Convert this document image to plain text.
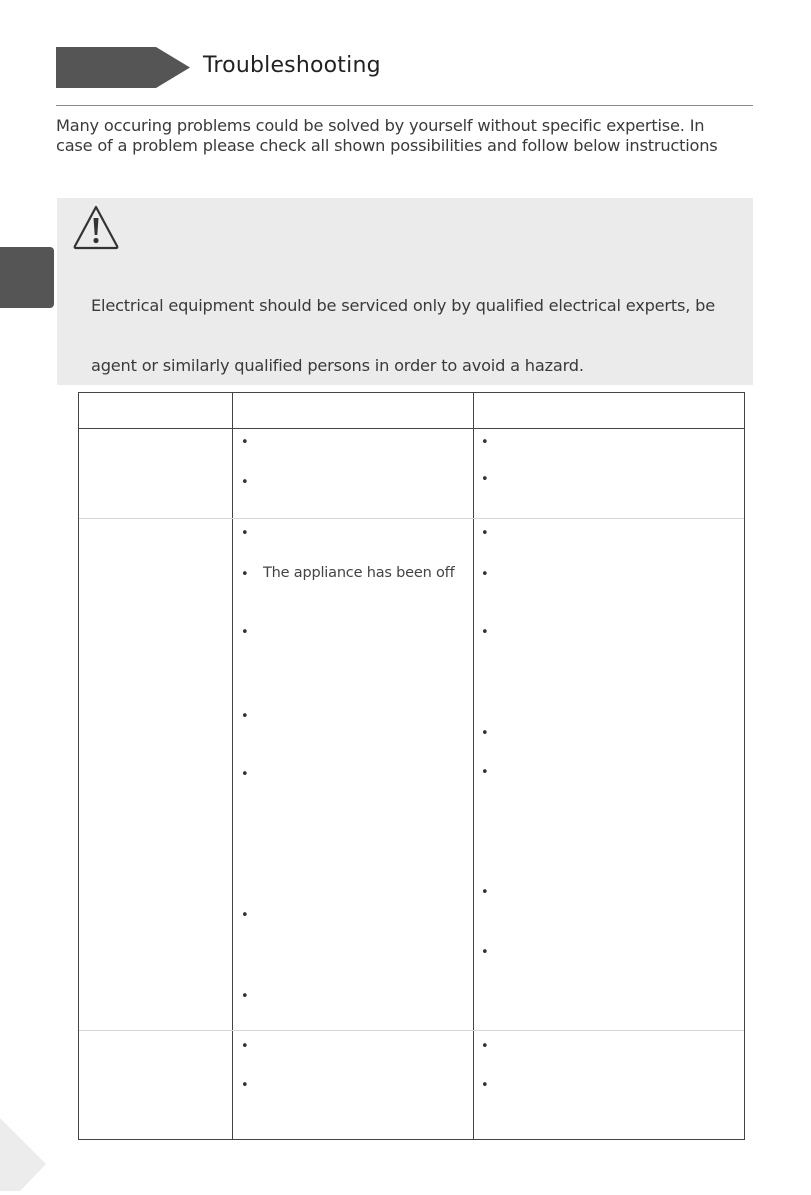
Troubleshooting
Many occuring problems could be solved by yourself without specific expertise. In
case of a problem please check all shown possibilities and follow below instructions
Electrical equipment should be serviced only by qualified electrical experts, be
agent or similarly qualified persons in order to avoid a hazard.
•
•
•
•
•
• The appliance has been off
•
•
•
•
•
•
•
•
•
•
•
•
•
•
•
•
